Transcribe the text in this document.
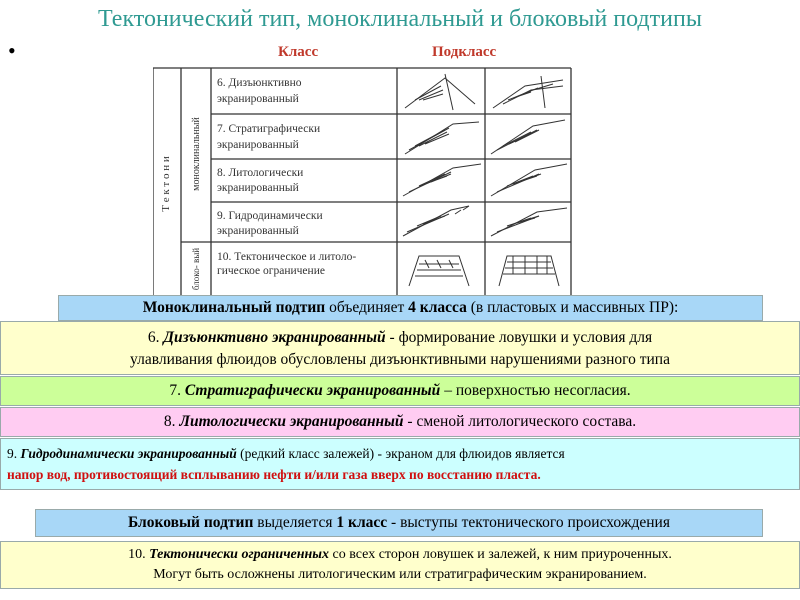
Тектонический тип, моноклинальный и блоковый подтипы
•	Класс	Подкласс
Т е к т о н и моноклинальный
блоко- вый
6. Дизъюнктивно
экранированный
7. Стратиграфически
экранированный
8. Литологически
экранированный
9. Гидродинамически
экранированный
10. Тектоническое и литоло-
гическое ограничение
Моноклинальный подтип объединяет 4 класса (в пластовых и массивных ПР):
6. Дизъюнктивно экранированный - формирование ловушки и условия для
улавливания флюидов обусловлены дизъюнктивными нарушениями разного типа
7. Стратиграфически экранированный – поверхностью несогласия.
8. Литологически экранированный - сменой литологического состава.
9. Гидродинамически экранированный (редкий класс залежей) - экраном для флюидов является
напор вод, противостоящий всплыванию нефти и/или газа вверх по восстанию пласта.
Блоковый подтип выделяется 1 класс - выступы тектонического происхождения
10. Тектонически ограниченных со всех сторон ловушек и залежей, к ним приуроченных.
Могут быть осложнены литологическим или стратиграфическим экранированием.
